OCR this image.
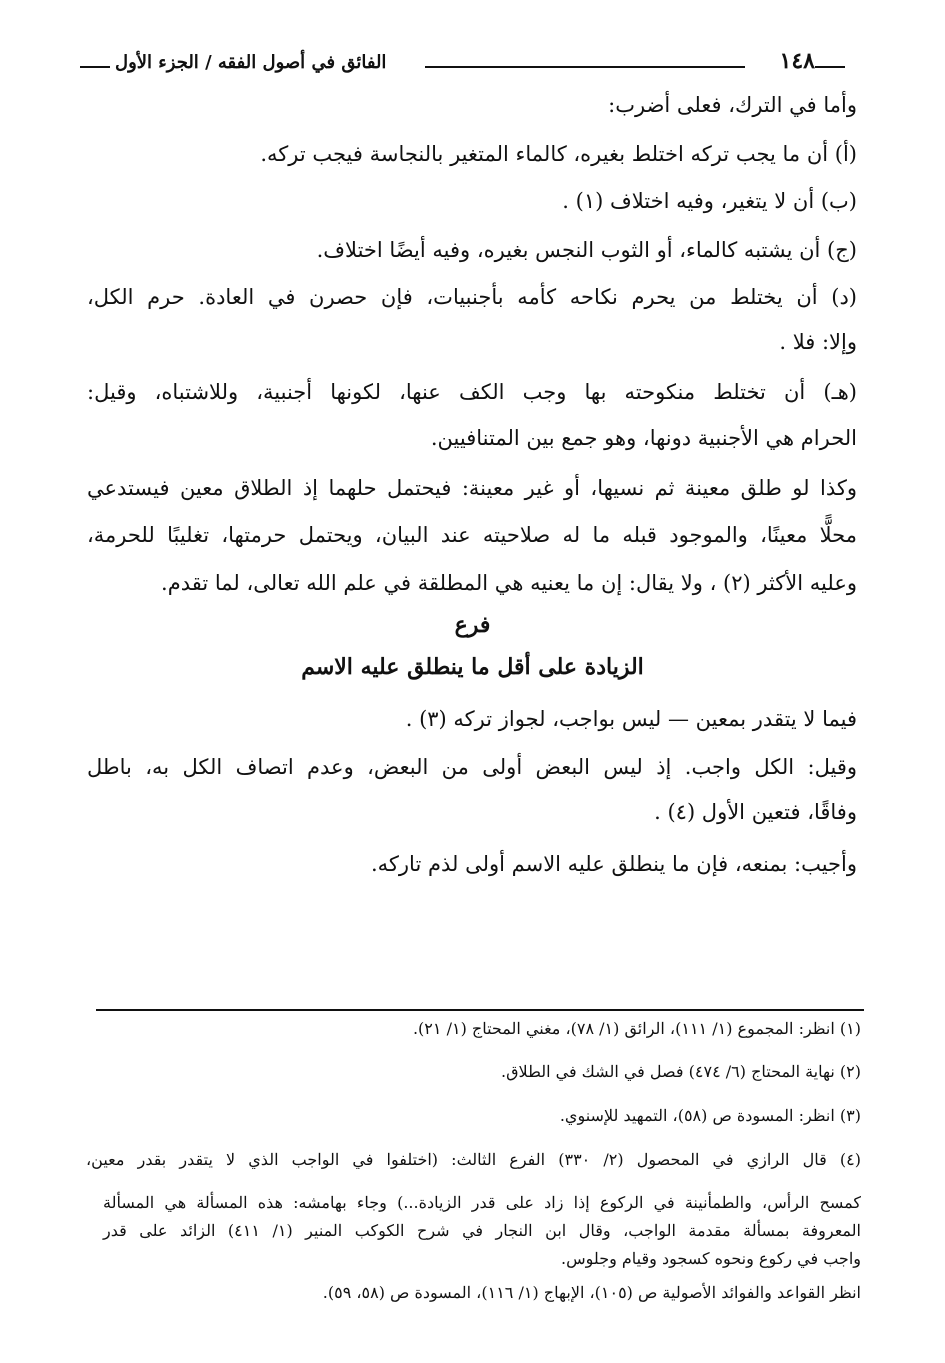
١٤٨
الفائق في أصول الفقه / الجزء الأول
وأما في الترك، فعلى أضرب:
(أ) أن ما يجب تركه اختلط بغيره، كالماء المتغير بالنجاسة فيجب تركه.
(ب) أن لا يتغير، وفيه اختلاف (١) .
(ج) أن يشتبه كالماء، أو الثوب النجس بغيره، وفيه أيضًا اختلاف.
(د) أن يختلط من يحرم نكاحه كأمه بأجنبيات، فإن حصرن في العادة. حرم الكل،
وإلا: فلا .
(هـ) أن تختلط منكوحته بها وجب الكف عنها، لكونها أجنبية، وللاشتباه، وقيل:
الحرام هي الأجنبية دونها، وهو جمع بين المتنافيين.
وكذا لو طلق معينة ثم نسيها، أو غير معينة: فيحتمل حلهما إذ الطلاق معين فيستدعي
محلًّا معينًا، والموجود قبله ما له صلاحيته عند البيان، ويحتمل حرمتها، تغليبًا للحرمة،
وعليه الأكثر (٢) ، ولا يقال: إن ما يعنيه هي المطلقة في علم الله تعالى، لما تقدم.
فرع
الزيادة على أقل ما ينطلق عليه الاسم
فيما لا يتقدر بمعين — ليس بواجب، لجواز تركه (٣) .
وقيل: الكل واجب. إذ ليس البعض أولى من البعض، وعدم اتصاف الكل به، باطل
وفاقًا، فتعين الأول (٤) .
وأجيب: بمنعه، فإن ما ينطلق عليه الاسم أولى لذم تاركه.
(١) انظر: المجموع (١/ ١١١)، الرائق (١/ ٧٨)، مغني المحتاج (١/ ٢١).
(٢) نهاية المحتاج (٦/ ٤٧٤) فصل في الشك في الطلاق.
(٣) انظر: المسودة ص (٥٨)، التمهيد للإسنوي.
(٤) قال الرازي في المحصول (٢/ ٣٣٠) الفرع الثالث: (اختلفوا في الواجب الذي لا يتقدر بقدر معين،
كمسح الرأس، والطمأنينة في الركوع إذا زاد على قدر الزيادة...) وجاء بهامشه: هذه المسألة هي المسألة
المعروفة بمسألة مقدمة الواجب، وقال ابن النجار في شرح الكوكب المنير (١/ ٤١١) الزائد على قدر
واجب في ركوع ونحوه كسجود وقيام وجلوس.
انظر القواعد والفوائد الأصولية ص (١٠٥)، الإبهاج (١/ ١١٦)، المسودة ص (٥٨، ٥٩).
